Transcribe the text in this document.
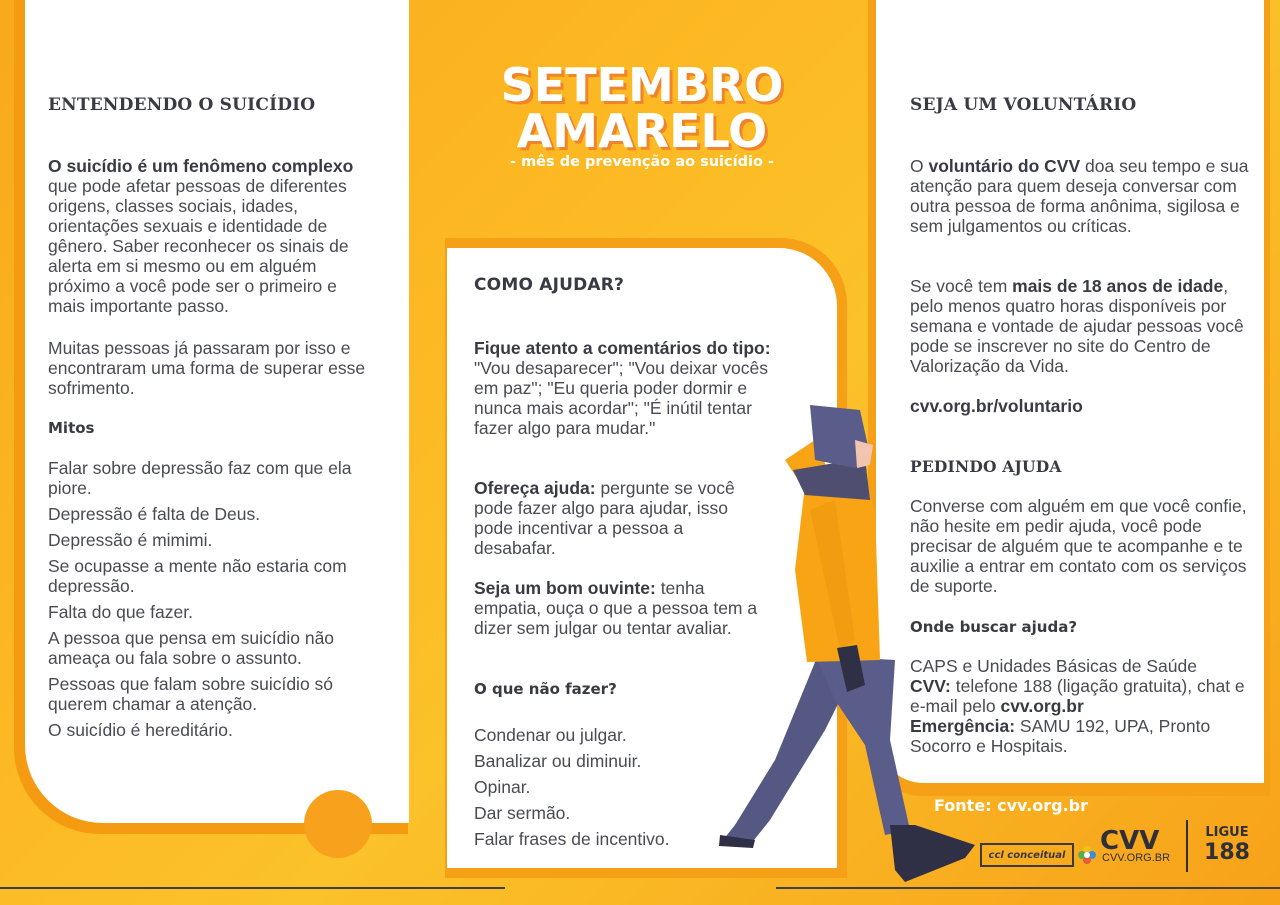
ENTENDENDO O SUICÍDIO

O suicídio é um fenômeno complexo que pode afetar pessoas de diferentes origens, classes sociais, idades, orientações sexuais e identidade de gênero. Saber reconhecer os sinais de alerta em si mesmo ou em alguém próximo a você pode ser o primeiro e mais importante passo.

Muitas pessoas já passaram por isso e encontraram uma forma de superar esse sofrimento.

Mitos

Falar sobre depressão faz com que ela piore.
Depressão é falta de Deus.
Depressão é mimimi.
Se ocupasse a mente não estaria com depressão.
Falta do que fazer.
A pessoa que pensa em suicídio não ameaça ou fala sobre o assunto.
Pessoas que falam sobre suicídio só querem chamar a atenção.
O suicídio é hereditário.
SETEMBRO
AMARELO
- mês de prevenção ao suicídio -
COMO AJUDAR?

Fique atento a comentários do tipo: "Vou desaparecer"; "Vou deixar vocês em paz"; "Eu queria poder dormir e nunca mais acordar"; "É inútil tentar fazer algo para mudar."

Ofereça ajuda: pergunte se você pode fazer algo para ajudar, isso pode incentivar a pessoa a desabafar.

Seja um bom ouvinte: tenha empatia, ouça o que a pessoa tem a dizer sem julgar ou tentar avaliar.

O que não fazer?

Condenar ou julgar.
Banalizar ou diminuir.
Opinar.
Dar sermão.
Falar frases de incentivo.
SEJA UM VOLUNTÁRIO

O voluntário do CVV doa seu tempo e sua atenção para quem deseja conversar com outra pessoa de forma anônima, sigilosa e sem julgamentos ou críticas.

Se você tem mais de 18 anos de idade, pelo menos quatro horas disponíveis por semana e vontade de ajudar pessoas você pode se inscrever no site do Centro de Valorização da Vida.

cvv.org.br/voluntario

PEDINDO AJUDA

Converse com alguém em que você confie, não hesite em pedir ajuda, você pode precisar de alguém que te acompanhe e te auxilie a entrar em contato com os serviços de suporte.

Onde buscar ajuda?

CAPS e Unidades Básicas de Saúde
CVV: telefone 188 (ligação gratuita), chat e e-mail pelo cvv.org.br
Emergência: SAMU 192, UPA, Pronto Socorro e Hospitais.

Fonte: cvv.org.br
ccl conceitual	CVV
CVV.ORG.BR
LIGUE
188
